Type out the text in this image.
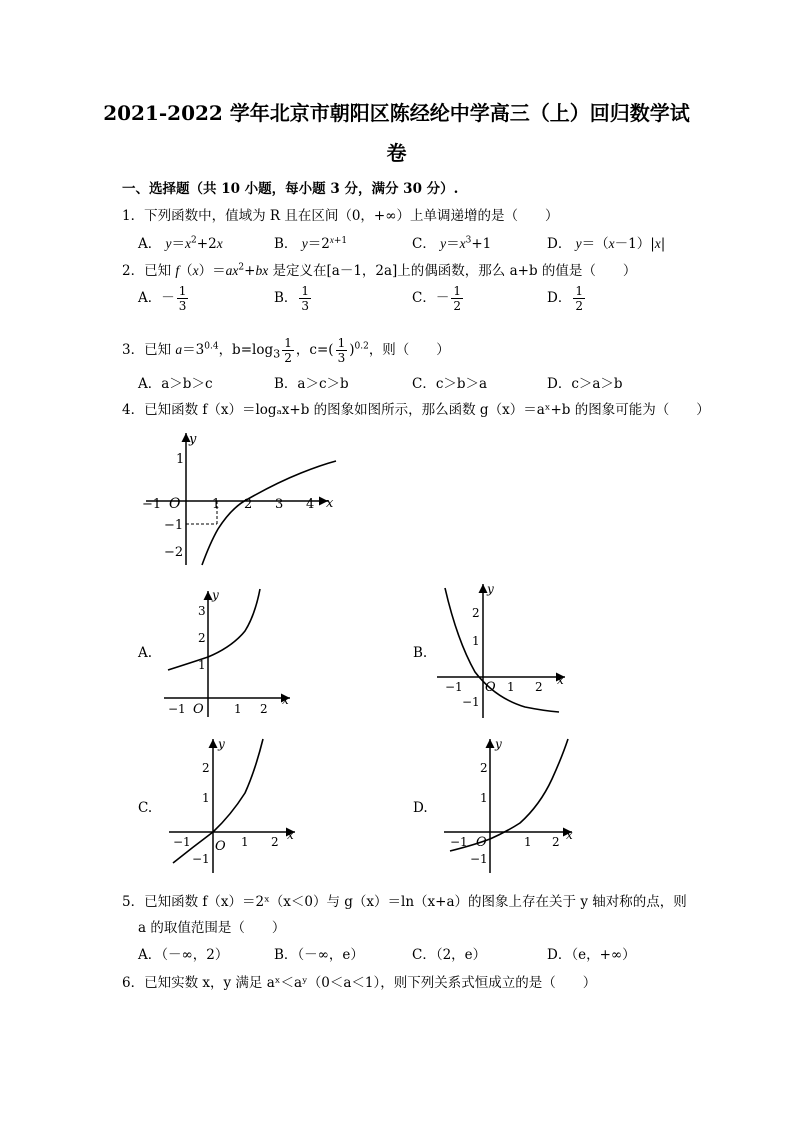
2021-2022 学年北京市朝阳区陈经纶中学高三（上）回归数学试
卷
一、选择题（共 10 小题，每小题 3 分，满分 30 分）.
1．下列函数中，值域为 R 且在区间（0，+∞）上单调递增的是（　　）
A． $y=x^2+2x$	B． $y=2^{x+1}$	C． $y=x^3+1$	D． y＝（x－1）|x|
2．已知 $f(x)=ax^2+bx$ 是定义在[a－1，2a]上的偶函数，那么 a+b 的值是（　　）
A．－ $\frac{1}{3}$	B． $\frac{1}{3}$	C．－ $\frac{1}{2}$	D． $\frac{1}{2}$
3．已知 $a=3^{0.4}$，$b=\log_3 \frac{1}{2}$ ，$c=( \frac{1}{3} )^{0.2}$，则（　　）
A．a＞b＞c	B．a＞c＞b	C．c＞b＞a	D．c＞a＞b
4．已知函数 f（x）＝logₐx+b 的图象如图所示，那么函数 g（x）＝aˣ+b 的图象可能为（　　）
y
x
O
−1	1 2 3 4
1
−1
−2
A.
y
x
O
−1	1 2
1
2
3
B.
y
x
O
−1	1 2
1
2
−1
C.
y
x
O
−1	1 2
1
2
−1
D.
y
x
O
−1	1 2
1
2
−1
5．已知函数 f（x）＝2ˣ（x＜0）与 g（x）＝ln（x+a）的图象上存在关于 y 轴对称的点，则
a 的取值范围是（　　）
A．（－∞，2）	B．（－∞，e）	C．（2，e）	D．（e，+∞）
6．已知实数 x，y 满足 aˣ＜aʸ（0＜a＜1），则下列关系式恒成立的是（　　）
